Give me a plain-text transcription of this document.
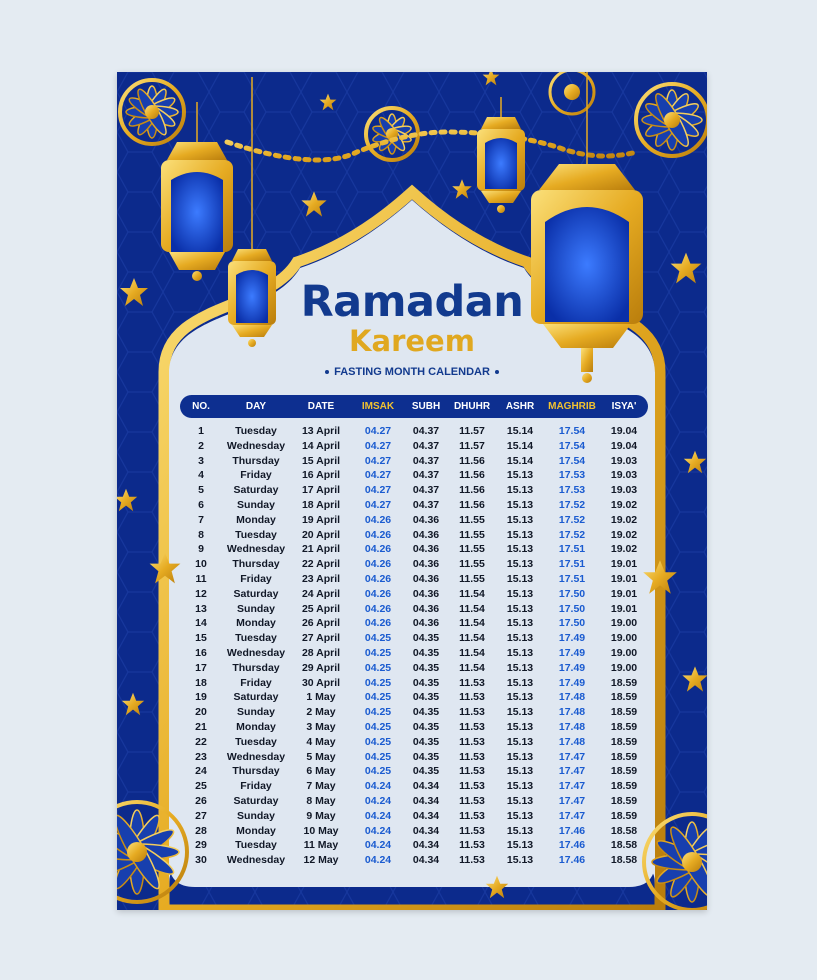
Ramadan
Kareem
FASTING MONTH CALENDAR
NO.	DAY	DATE	IMSAK	SUBH	DHUHR	ASHR	MAGHRIB	ISYA'
1	Tuesday	13 April	04.27	04.37	11.57	15.14	17.54	19.04
2	Wednesday	14 April	04.27	04.37	11.57	15.14	17.54	19.04
3	Thursday	15 April	04.27	04.37	11.56	15.14	17.54	19.03
4	Friday	16 April	04.27	04.37	11.56	15.13	17.53	19.03
5	Saturday	17 April	04.27	04.37	11.56	15.13	17.53	19.03
6	Sunday	18 April	04.27	04.37	11.56	15.13	17.52	19.02
7	Monday	19 April	04.26	04.36	11.55	15.13	17.52	19.02
8	Tuesday	20 April	04.26	04.36	11.55	15.13	17.52	19.02
9	Wednesday	21 April	04.26	04.36	11.55	15.13	17.51	19.02
10	Thursday	22 April	04.26	04.36	11.55	15.13	17.51	19.01
11	Friday	23 April	04.26	04.36	11.55	15.13	17.51	19.01
12	Saturday	24 April	04.26	04.36	11.54	15.13	17.50	19.01
13	Sunday	25 April	04.26	04.36	11.54	15.13	17.50	19.01
14	Monday	26 April	04.26	04.36	11.54	15.13	17.50	19.00
15	Tuesday	27 April	04.25	04.35	11.54	15.13	17.49	19.00
16	Wednesday	28 April	04.25	04.35	11.54	15.13	17.49	19.00
17	Thursday	29 April	04.25	04.35	11.54	15.13	17.49	19.00
18	Friday	30 April	04.25	04.35	11.53	15.13	17.49	18.59
19	Saturday	1 May	04.25	04.35	11.53	15.13	17.48	18.59
20	Sunday	2 May	04.25	04.35	11.53	15.13	17.48	18.59
21	Monday	3 May	04.25	04.35	11.53	15.13	17.48	18.59
22	Tuesday	4 May	04.25	04.35	11.53	15.13	17.48	18.59
23	Wednesday	5 May	04.25	04.35	11.53	15.13	17.47	18.59
24	Thursday	6 May	04.25	04.35	11.53	15.13	17.47	18.59
25	Friday	7 May	04.24	04.34	11.53	15.13	17.47	18.59
26	Saturday	8 May	04.24	04.34	11.53	15.13	17.47	18.59
27	Sunday	9 May	04.24	04.34	11.53	15.13	17.47	18.59
28	Monday	10 May	04.24	04.34	11.53	15.13	17.46	18.58
29	Tuesday	11 May	04.24	04.34	11.53	15.13	17.46	18.58
30	Wednesday	12 May	04.24	04.34	11.53	15.13	17.46	18.58
